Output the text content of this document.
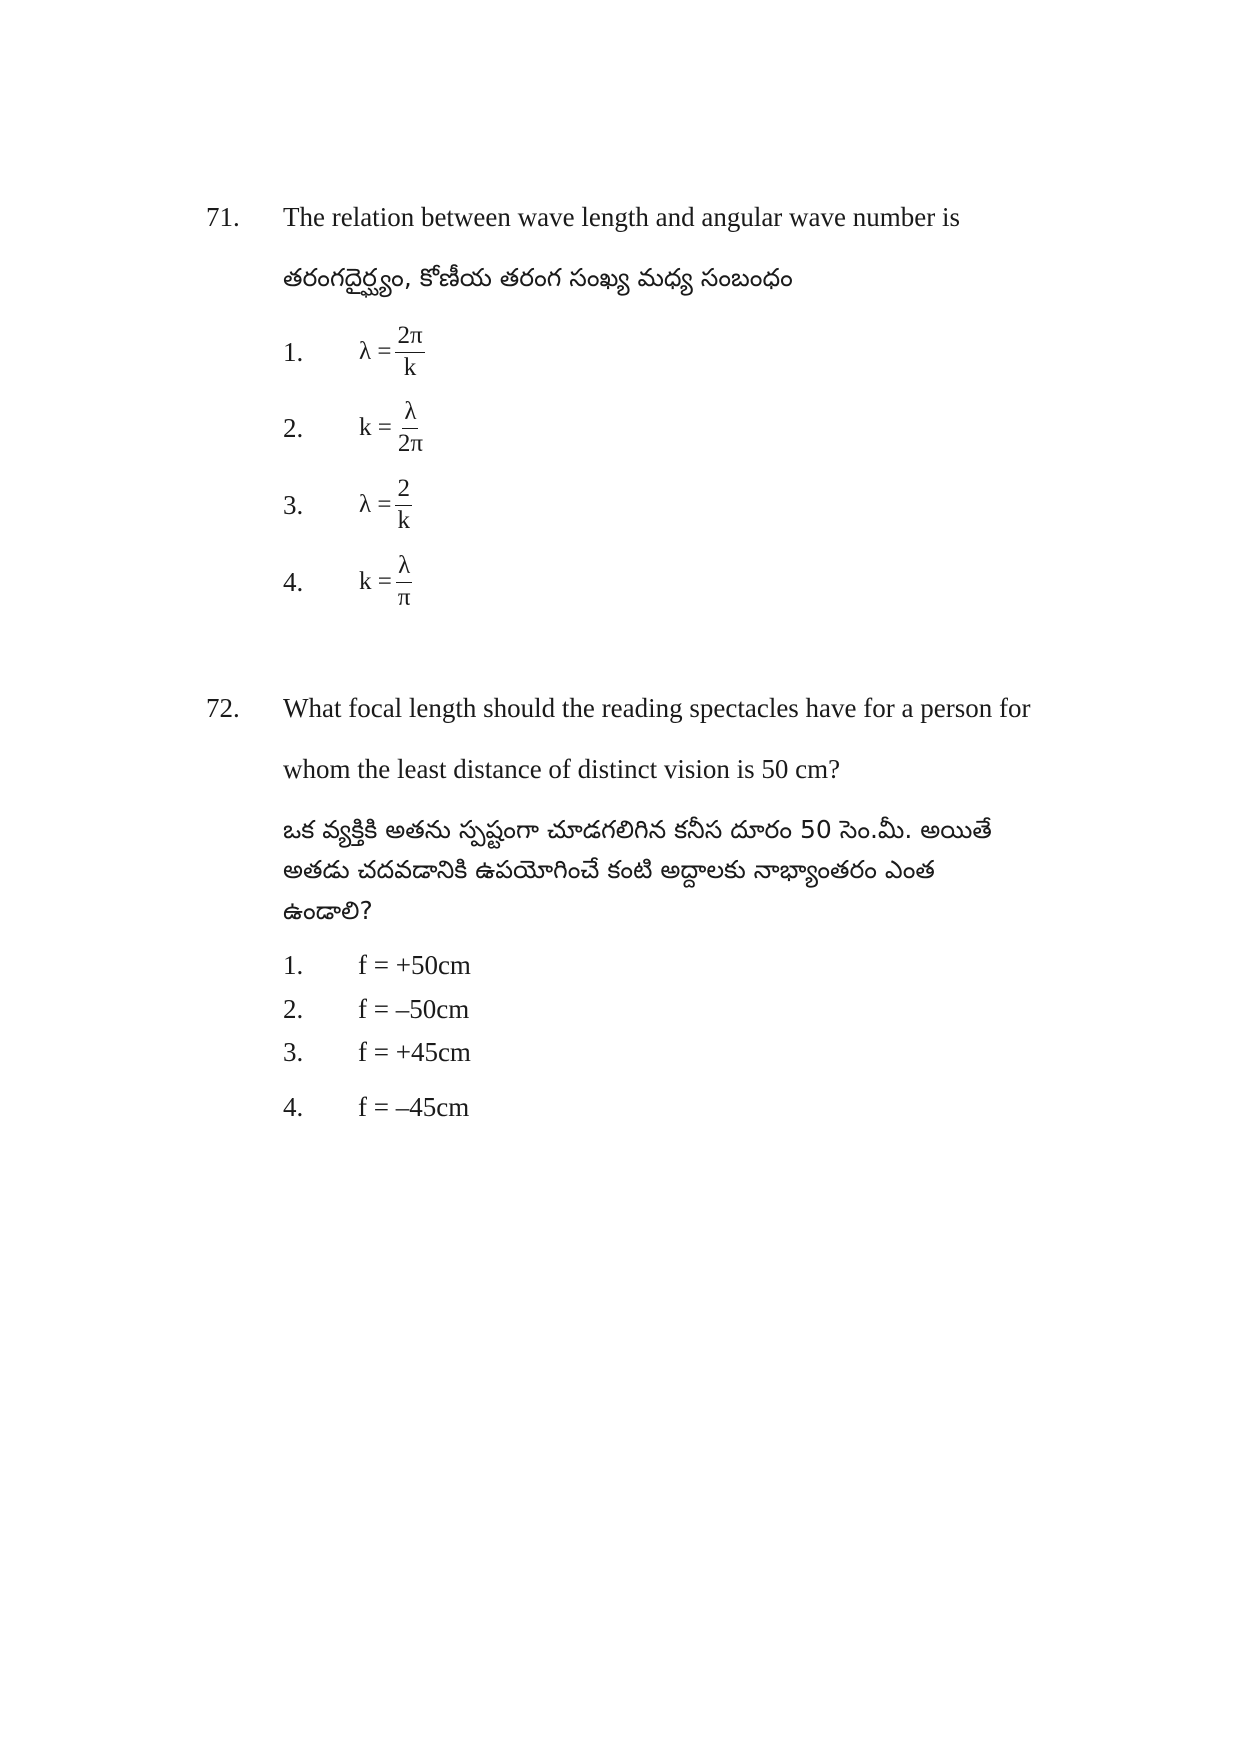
71. The relation between wave length and angular wave number is
తరంగదైర్ఘ్యం, కోణీయ తరంగ సంఖ్య మధ్య సంబంధం
1. $\lambda = \frac{2\pi}{k}$
2. $k = \frac{\lambda}{2\pi}$
3. $\lambda = \frac{2}{k}$
4. $k = \frac{\lambda}{\pi}$
72. What focal length should the reading spectacles have for a person for
whom the least distance of distinct vision is 50 cm?
ఒక వ్యక్తికి అతను స్పష్టంగా చూడగలిగిన కనీస దూరం 50 సెం.మీ. అయితే
అతడు చదవడానికి ఉపయోగించే కంటి అద్దాలకు నాభ్యాంతరం ఎంత
ఉండాలి?
1. f = +50cm
2. f = –50cm
3. f = +45cm
4. f = –45cm
